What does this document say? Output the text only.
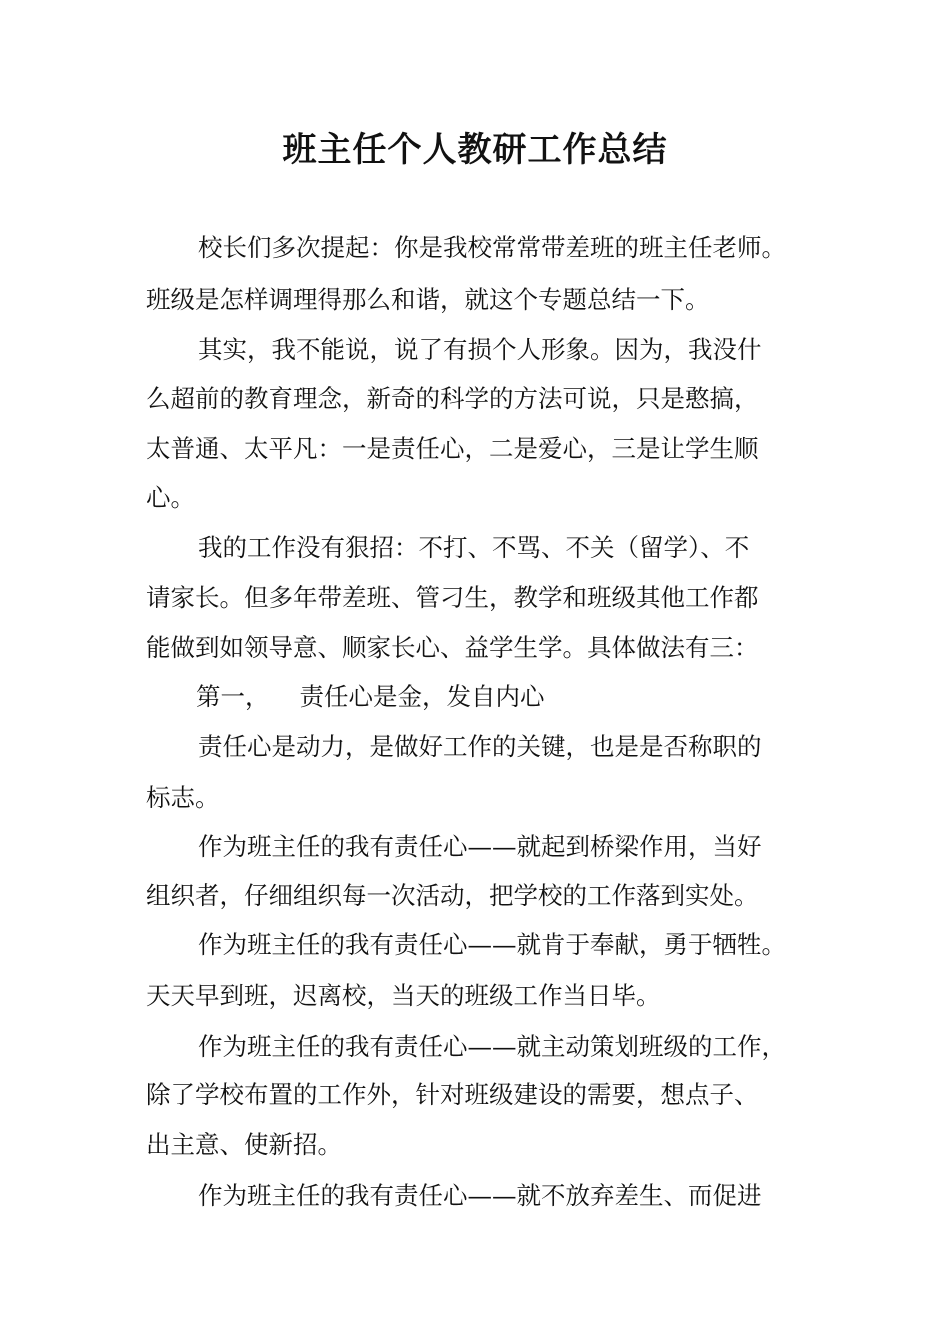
班主任个人教研工作总结

校长们多次提起：你是我校常常带差班的班主任老师。

班级是怎样调理得那么和谐，就这个专题总结一下。

其实，我不能说，说了有损个人形象。因为，我没什

么超前的教育理念，新奇的科学的方法可说，只是憨搞，

太普通、太平凡：一是责任心，二是爱心，三是让学生顺

心。

我的工作没有狠招：不打、不骂、不关（留学）、不

请家长。但多年带差班、管刁生，教学和班级其他工作都

能做到如领导意、顺家长心、益学生学。具体做法有三：

第一， 责任心是金，发自内心

责任心是动力，是做好工作的关键，也是是否称职的

标志。

作为班主任的我有责任心——就起到桥梁作用，当好

组织者，仔细组织每一次活动，把学校的工作落到实处。

作为班主任的我有责任心——就肯于奉献，勇于牺牲。

天天早到班，迟离校，当天的班级工作当日毕。

作为班主任的我有责任心——就主动策划班级的工作，

除了学校布置的工作外，针对班级建设的需要，想点子、

出主意、使新招。

作为班主任的我有责任心——就不放弃差生、而促进
